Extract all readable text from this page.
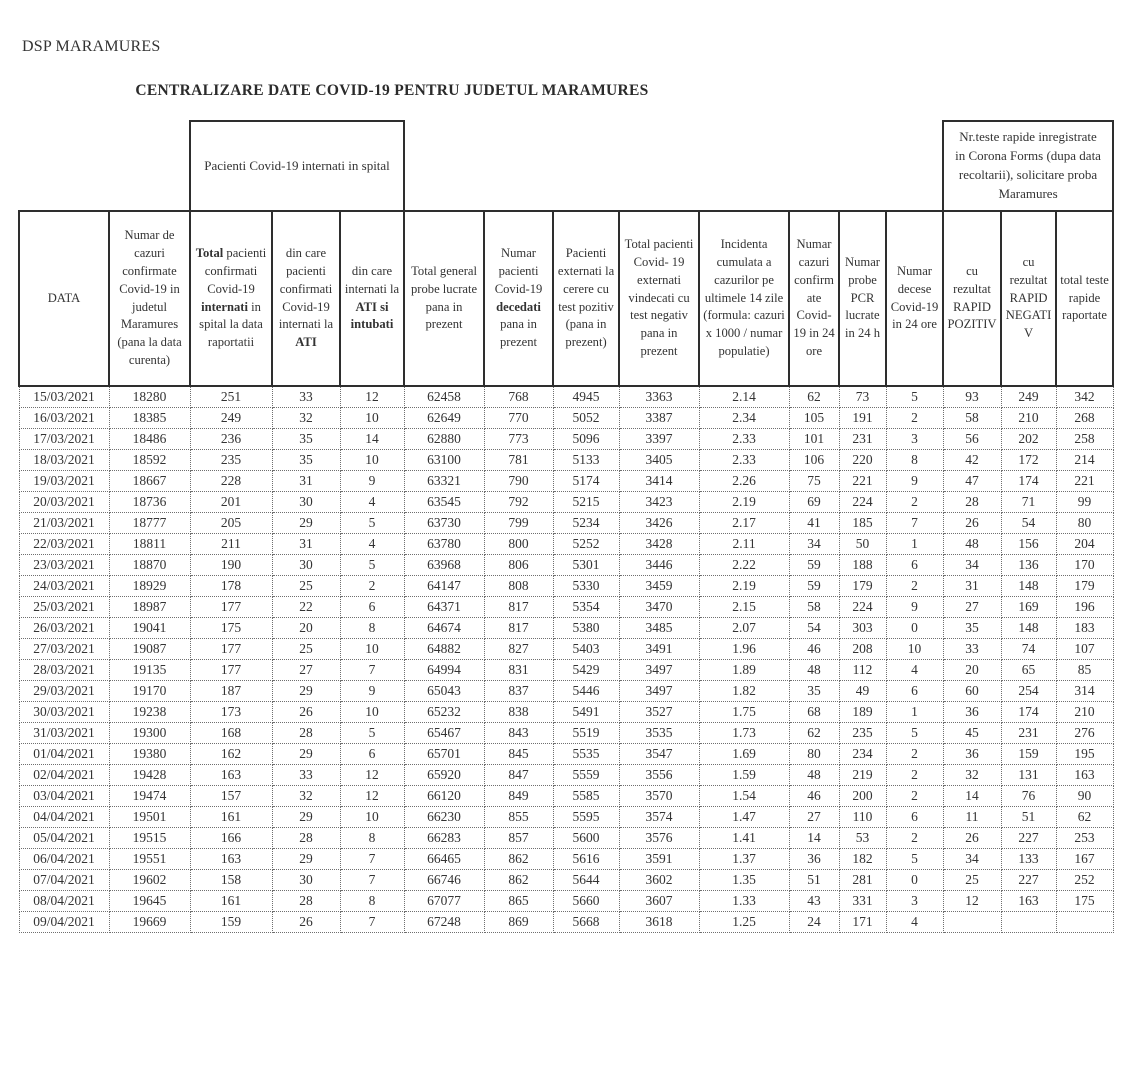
DSP MARAMURES
CENTRALIZARE DATE COVID-19 PENTRU JUDETUL MARAMURES
		Pacienti Covid-19 internati in spital											Nr.teste rapide inregistrate in Corona Forms (dupa data recoltarii), solicitare proba Maramures		
DATA	Numar de cazuri confirmate Covid-19 in judetul Maramures (pana la data curenta)	Total pacienti confirmati Covid-19 internati in spital la data raportatii	din care pacienti confirmati Covid-19 internati la ATI	din care internati la ATI si intubati	Total general probe lucrate pana in prezent	Numar pacienti Covid-19 decedati pana in prezent	Pacienti externati la cerere cu test pozitiv (pana in prezent)	Total pacienti Covid- 19 externati vindecati cu test negativ pana in prezent	Incidenta cumulata a cazurilor pe ultimele 14 zile (formula: cazuri x 1000 / numar populatie)	Numar cazuri confirmate Covid-19 in 24 ore	Numar probe PCR lucrate in 24 h	Numar decese Covid-19 in 24 ore	cu rezultat RAPID POZITIV	cu rezultat RAPID NEGATIV	total teste rapide raportate
15/03/2021	18280	251	33	12	62458	768	4945	3363	2.14	62	73	5	93	249	342
16/03/2021	18385	249	32	10	62649	770	5052	3387	2.34	105	191	2	58	210	268
17/03/2021	18486	236	35	14	62880	773	5096	3397	2.33	101	231	3	56	202	258
18/03/2021	18592	235	35	10	63100	781	5133	3405	2.33	106	220	8	42	172	214
19/03/2021	18667	228	31	9	63321	790	5174	3414	2.26	75	221	9	47	174	221
20/03/2021	18736	201	30	4	63545	792	5215	3423	2.19	69	224	2	28	71	99
21/03/2021	18777	205	29	5	63730	799	5234	3426	2.17	41	185	7	26	54	80
22/03/2021	18811	211	31	4	63780	800	5252	3428	2.11	34	50	1	48	156	204
23/03/2021	18870	190	30	5	63968	806	5301	3446	2.22	59	188	6	34	136	170
24/03/2021	18929	178	25	2	64147	808	5330	3459	2.19	59	179	2	31	148	179
25/03/2021	18987	177	22	6	64371	817	5354	3470	2.15	58	224	9	27	169	196
26/03/2021	19041	175	20	8	64674	817	5380	3485	2.07	54	303	0	35	148	183
27/03/2021	19087	177	25	10	64882	827	5403	3491	1.96	46	208	10	33	74	107
28/03/2021	19135	177	27	7	64994	831	5429	3497	1.89	48	112	4	20	65	85
29/03/2021	19170	187	29	9	65043	837	5446	3497	1.82	35	49	6	60	254	314
30/03/2021	19238	173	26	10	65232	838	5491	3527	1.75	68	189	1	36	174	210
31/03/2021	19300	168	28	5	65467	843	5519	3535	1.73	62	235	5	45	231	276
01/04/2021	19380	162	29	6	65701	845	5535	3547	1.69	80	234	2	36	159	195
02/04/2021	19428	163	33	12	65920	847	5559	3556	1.59	48	219	2	32	131	163
03/04/2021	19474	157	32	12	66120	849	5585	3570	1.54	46	200	2	14	76	90
04/04/2021	19501	161	29	10	66230	855	5595	3574	1.47	27	110	6	11	51	62
05/04/2021	19515	166	28	8	66283	857	5600	3576	1.41	14	53	2	26	227	253
06/04/2021	19551	163	29	7	66465	862	5616	3591	1.37	36	182	5	34	133	167
07/04/2021	19602	158	30	7	66746	862	5644	3602	1.35	51	281	0	25	227	252
08/04/2021	19645	161	28	8	67077	865	5660	3607	1.33	43	331	3	12	163	175
09/04/2021	19669	159	26	7	67248	869	5668	3618	1.25	24	171	4			
